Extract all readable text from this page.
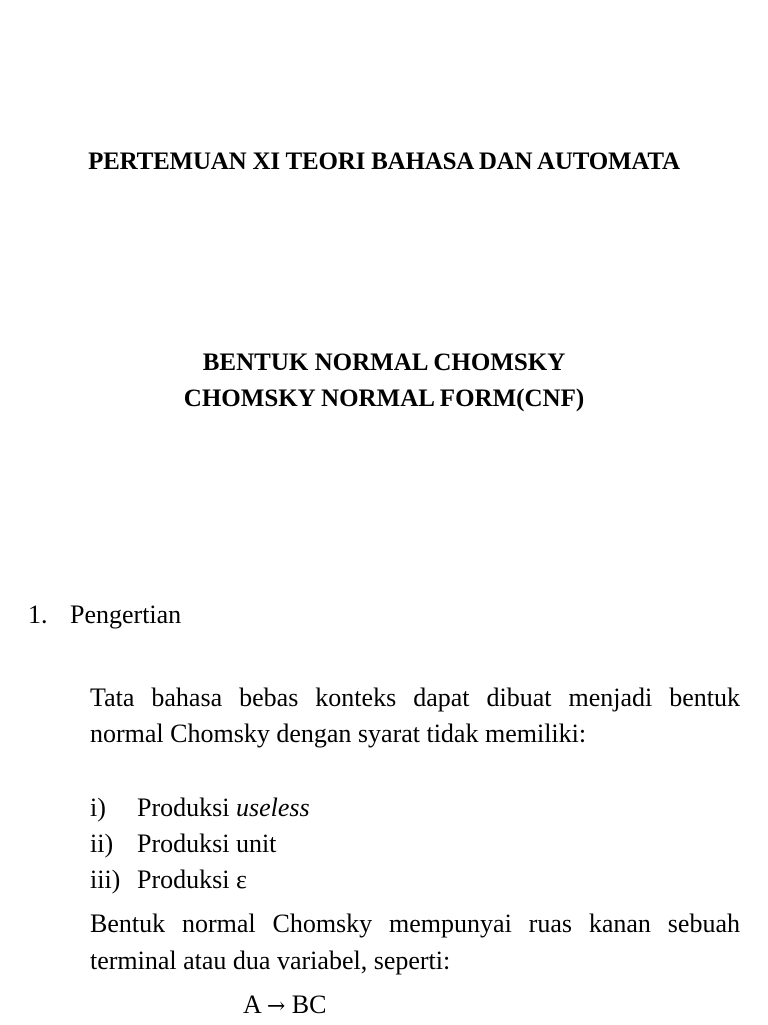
PERTEMUAN XI TEORI BAHASA DAN AUTOMATA
BENTUK NORMAL CHOMSKY
CHOMSKY NORMAL FORM(CNF)
1. Pengertian

Tata bahasa bebas konteks dapat dibuat menjadi bentuk normal Chomsky dengan syarat tidak memiliki:

i) Produksi useless
ii) Produksi unit
iii) Produksi ε

Bentuk normal Chomsky mempunyai ruas kanan sebuah terminal atau dua variabel, seperti:

A → BC
